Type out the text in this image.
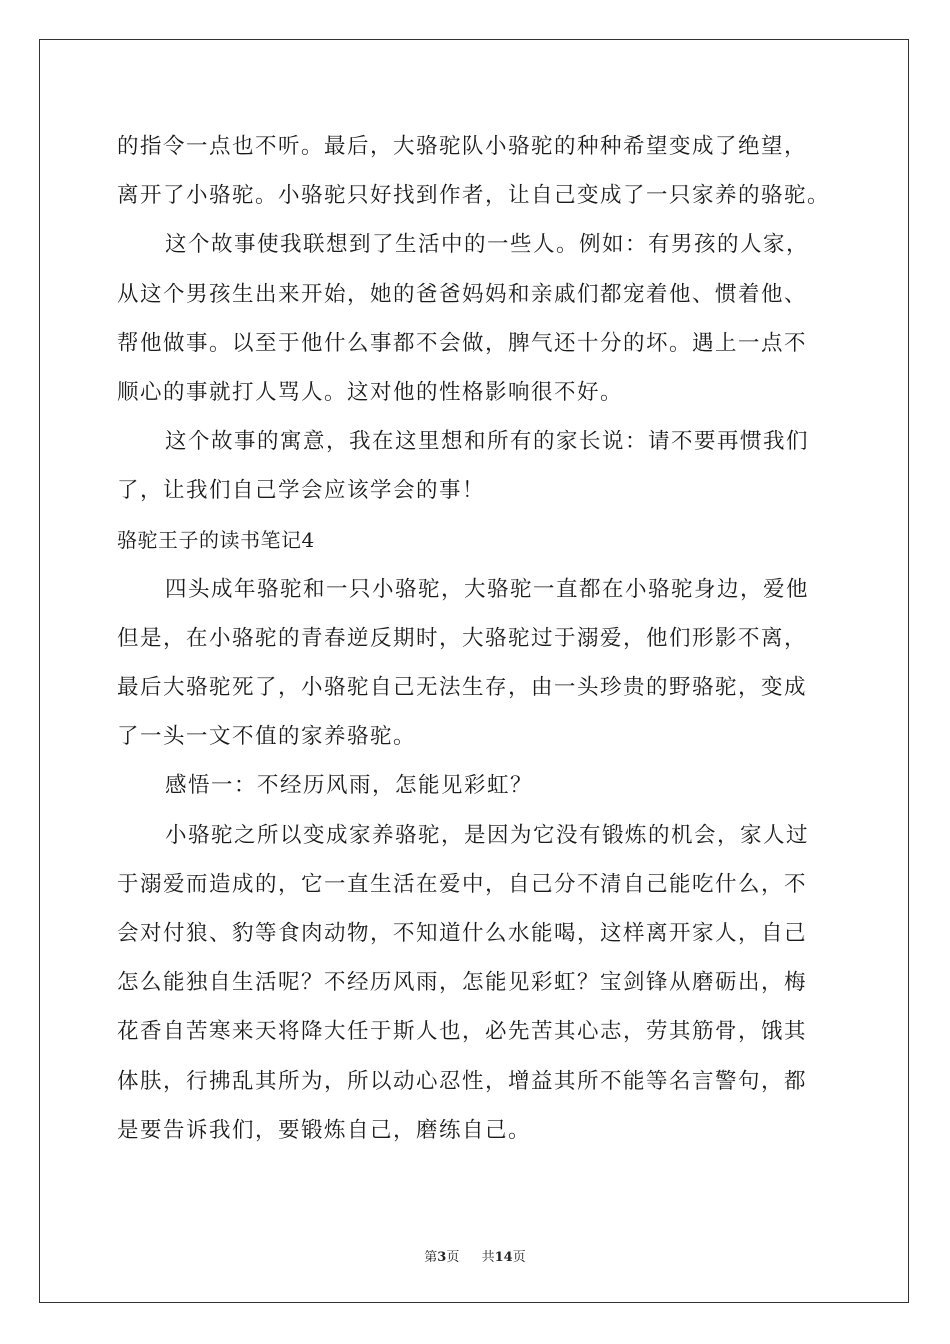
的指令一点也不听。最后，大骆驼队小骆驼的种种希望变成了绝望，
离开了小骆驼。小骆驼只好找到作者，让自己变成了一只家养的骆驼。
这个故事使我联想到了生活中的一些人。例如：有男孩的人家，
从这个男孩生出来开始，她的爸爸妈妈和亲戚们都宠着他、惯着他、
帮他做事。以至于他什么事都不会做，脾气还十分的坏。遇上一点不
顺心的事就打人骂人。这对他的性格影响很不好。
这个故事的寓意，我在这里想和所有的家长说：请不要再惯我们
了，让我们自己学会应该学会的事！
骆驼王子的读书笔记4
四头成年骆驼和一只小骆驼，大骆驼一直都在小骆驼身边，爱他
但是，在小骆驼的青春逆反期时，大骆驼过于溺爱，他们形影不离，
最后大骆驼死了，小骆驼自己无法生存，由一头珍贵的野骆驼，变成
了一头一文不值的家养骆驼。
感悟一：不经历风雨，怎能见彩虹？
小骆驼之所以变成家养骆驼，是因为它没有锻炼的机会，家人过
于溺爱而造成的，它一直生活在爱中，自己分不清自己能吃什么，不
会对付狼、豹等食肉动物，不知道什么水能喝，这样离开家人，自己
怎么能独自生活呢？不经历风雨，怎能见彩虹？宝剑锋从磨砺出，梅
花香自苦寒来天将降大任于斯人也，必先苦其心志，劳其筋骨，饿其
体肤，行拂乱其所为，所以动心忍性，增益其所不能等名言警句，都
是要告诉我们，要锻炼自己，磨练自己。
第3页 共14页
